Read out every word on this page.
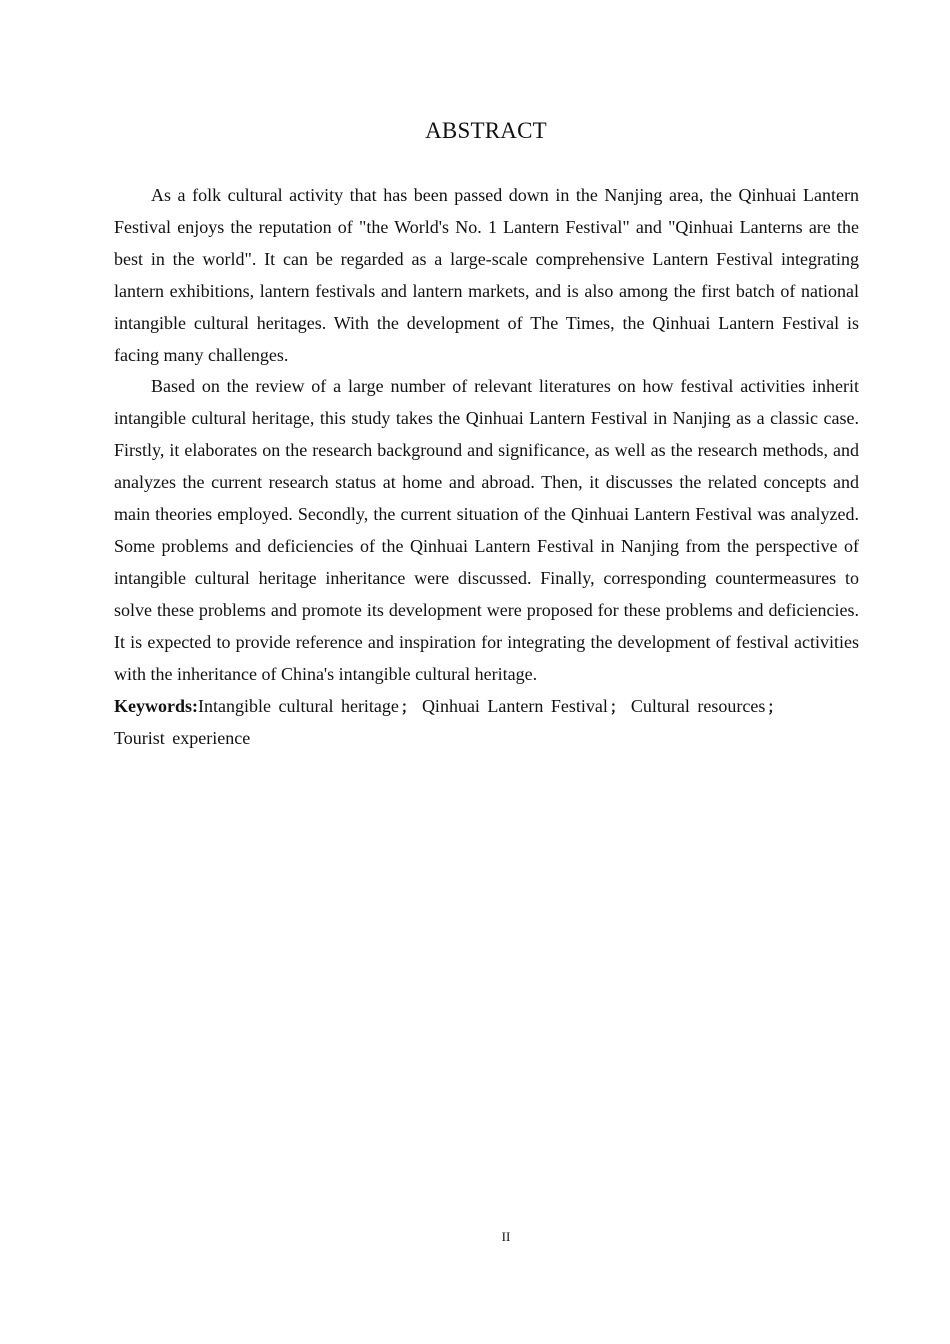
ABSTRACT

As a folk cultural activity that has been passed down in the Nanjing area, the Qinhuai Lantern Festival enjoys the reputation of "the World's No. 1 Lantern Festival" and "Qinhuai Lanterns are the best in the world". It can be regarded as a large-scale comprehensive Lantern Festival integrating lantern exhibitions, lantern festivals and lantern markets, and is also among the first batch of national intangible cultural heritages. With the development of The Times, the Qinhuai Lantern Festival is facing many challenges.

Based on the review of a large number of relevant literatures on how festival activities inherit intangible cultural heritage, this study takes the Qinhuai Lantern Festival in Nanjing as a classic case. Firstly, it elaborates on the research background and significance, as well as the research methods, and analyzes the current research status at home and abroad. Then, it discusses the related concepts and main theories employed. Secondly, the current situation of the Qinhuai Lantern Festival was analyzed. Some problems and deficiencies of the Qinhuai Lantern Festival in Nanjing from the perspective of intangible cultural heritage inheritance were discussed. Finally, corresponding countermeasures to solve these problems and promote its development were proposed for these problems and deficiencies. It is expected to provide reference and inspiration for integrating the development of festival activities with the inheritance of China's intangible cultural heritage.

Keywords:Intangible cultural heritage ； Qinhuai Lantern Festival ； Cultural resources ；
Tourist experience

II
